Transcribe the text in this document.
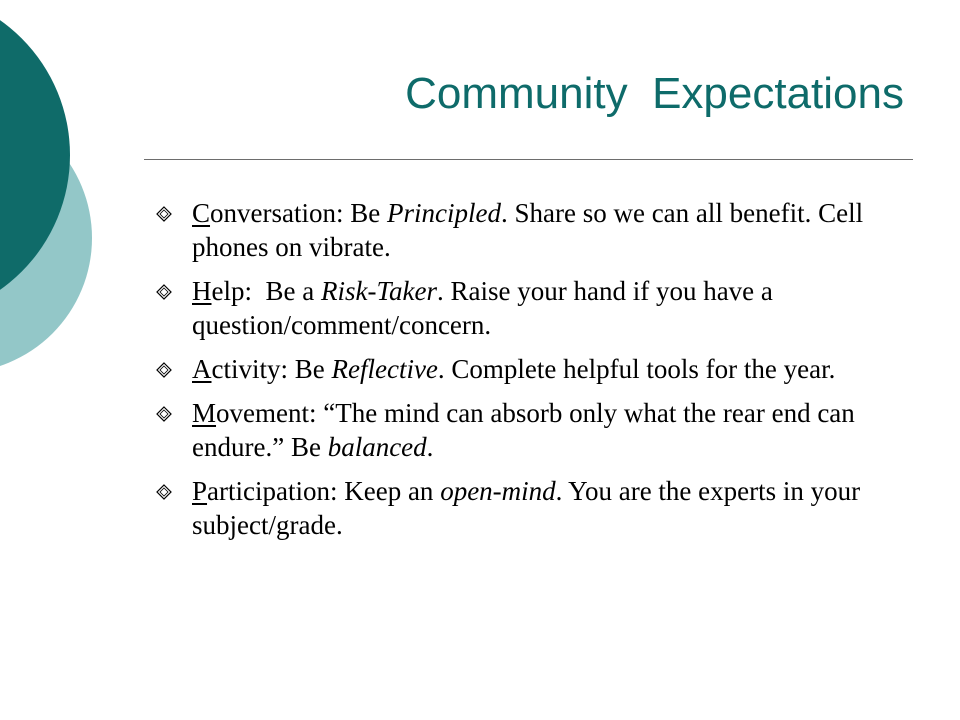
Community  Expectations
Conversation: Be Principled. Share so we can all benefit. Cell phones on vibrate.
Help:  Be a Risk-Taker. Raise your hand if you have a question/comment/concern.
Activity: Be Reflective. Complete helpful tools for the year.
Movement: “The mind can absorb only what the rear end can endure.” Be balanced.
Participation: Keep an open-mind. You are the experts in your subject/grade.
